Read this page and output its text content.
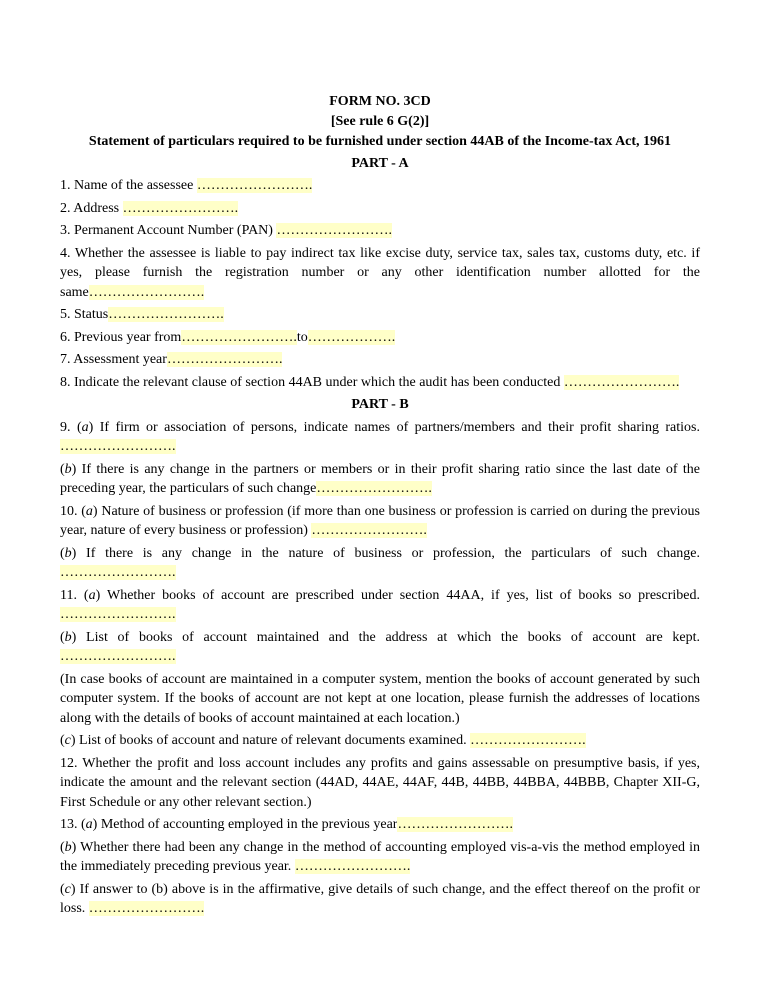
FORM NO. 3CD
[See rule 6 G(2)]
Statement of particulars required to be furnished under section 44AB of the Income-tax Act, 1961
PART - A

1. Name of the assessee …………………….

2. Address …………………….

3. Permanent Account Number (PAN) …………………….

4. Whether the assessee is liable to pay indirect tax like excise duty, service tax, sales tax, customs duty, etc. if yes, please furnish the registration number or any other identification number allotted for the same…………………….

5. Status…………………….

6. Previous year from…………………….to……………….

7. Assessment year…………………….

8. Indicate the relevant clause of section 44AB under which the audit has been conducted …………………….

PART - B

9. (a) If firm or association of persons, indicate names of partners/members and their profit sharing ratios. …………………….

(b) If there is any change in the partners or members or in their profit sharing ratio since the last date of the preceding year, the particulars of such change…………………….

10. (a) Nature of business or profession (if more than one business or profession is carried on during the previous year, nature of every business or profession) …………………….

(b) If there is any change in the nature of business or profession, the particulars of such change. …………………….

11. (a) Whether books of account are prescribed under section 44AA, if yes, list of books so prescribed. …………………….

(b) List of books of account maintained and the address at which the books of account are kept. …………………….

(In case books of account are maintained in a computer system, mention the books of account generated by such computer system. If the books of account are not kept at one location, please furnish the addresses of locations along with the details of books of account maintained at each location.)

(c) List of books of account and nature of relevant documents examined. …………………….

12. Whether the profit and loss account includes any profits and gains assessable on presumptive basis, if yes, indicate the amount and the relevant section (44AD, 44AE, 44AF, 44B, 44BB, 44BBA, 44BBB, Chapter XII-G, First Schedule or any other relevant section.)

13. (a) Method of accounting employed in the previous year…………………….

(b) Whether there had been any change in the method of accounting employed vis-a-vis the method employed in the immediately preceding previous year. …………………….

(c) If answer to (b) above is in the affirmative, give details of such change, and the effect thereof on the profit or loss. …………………….
